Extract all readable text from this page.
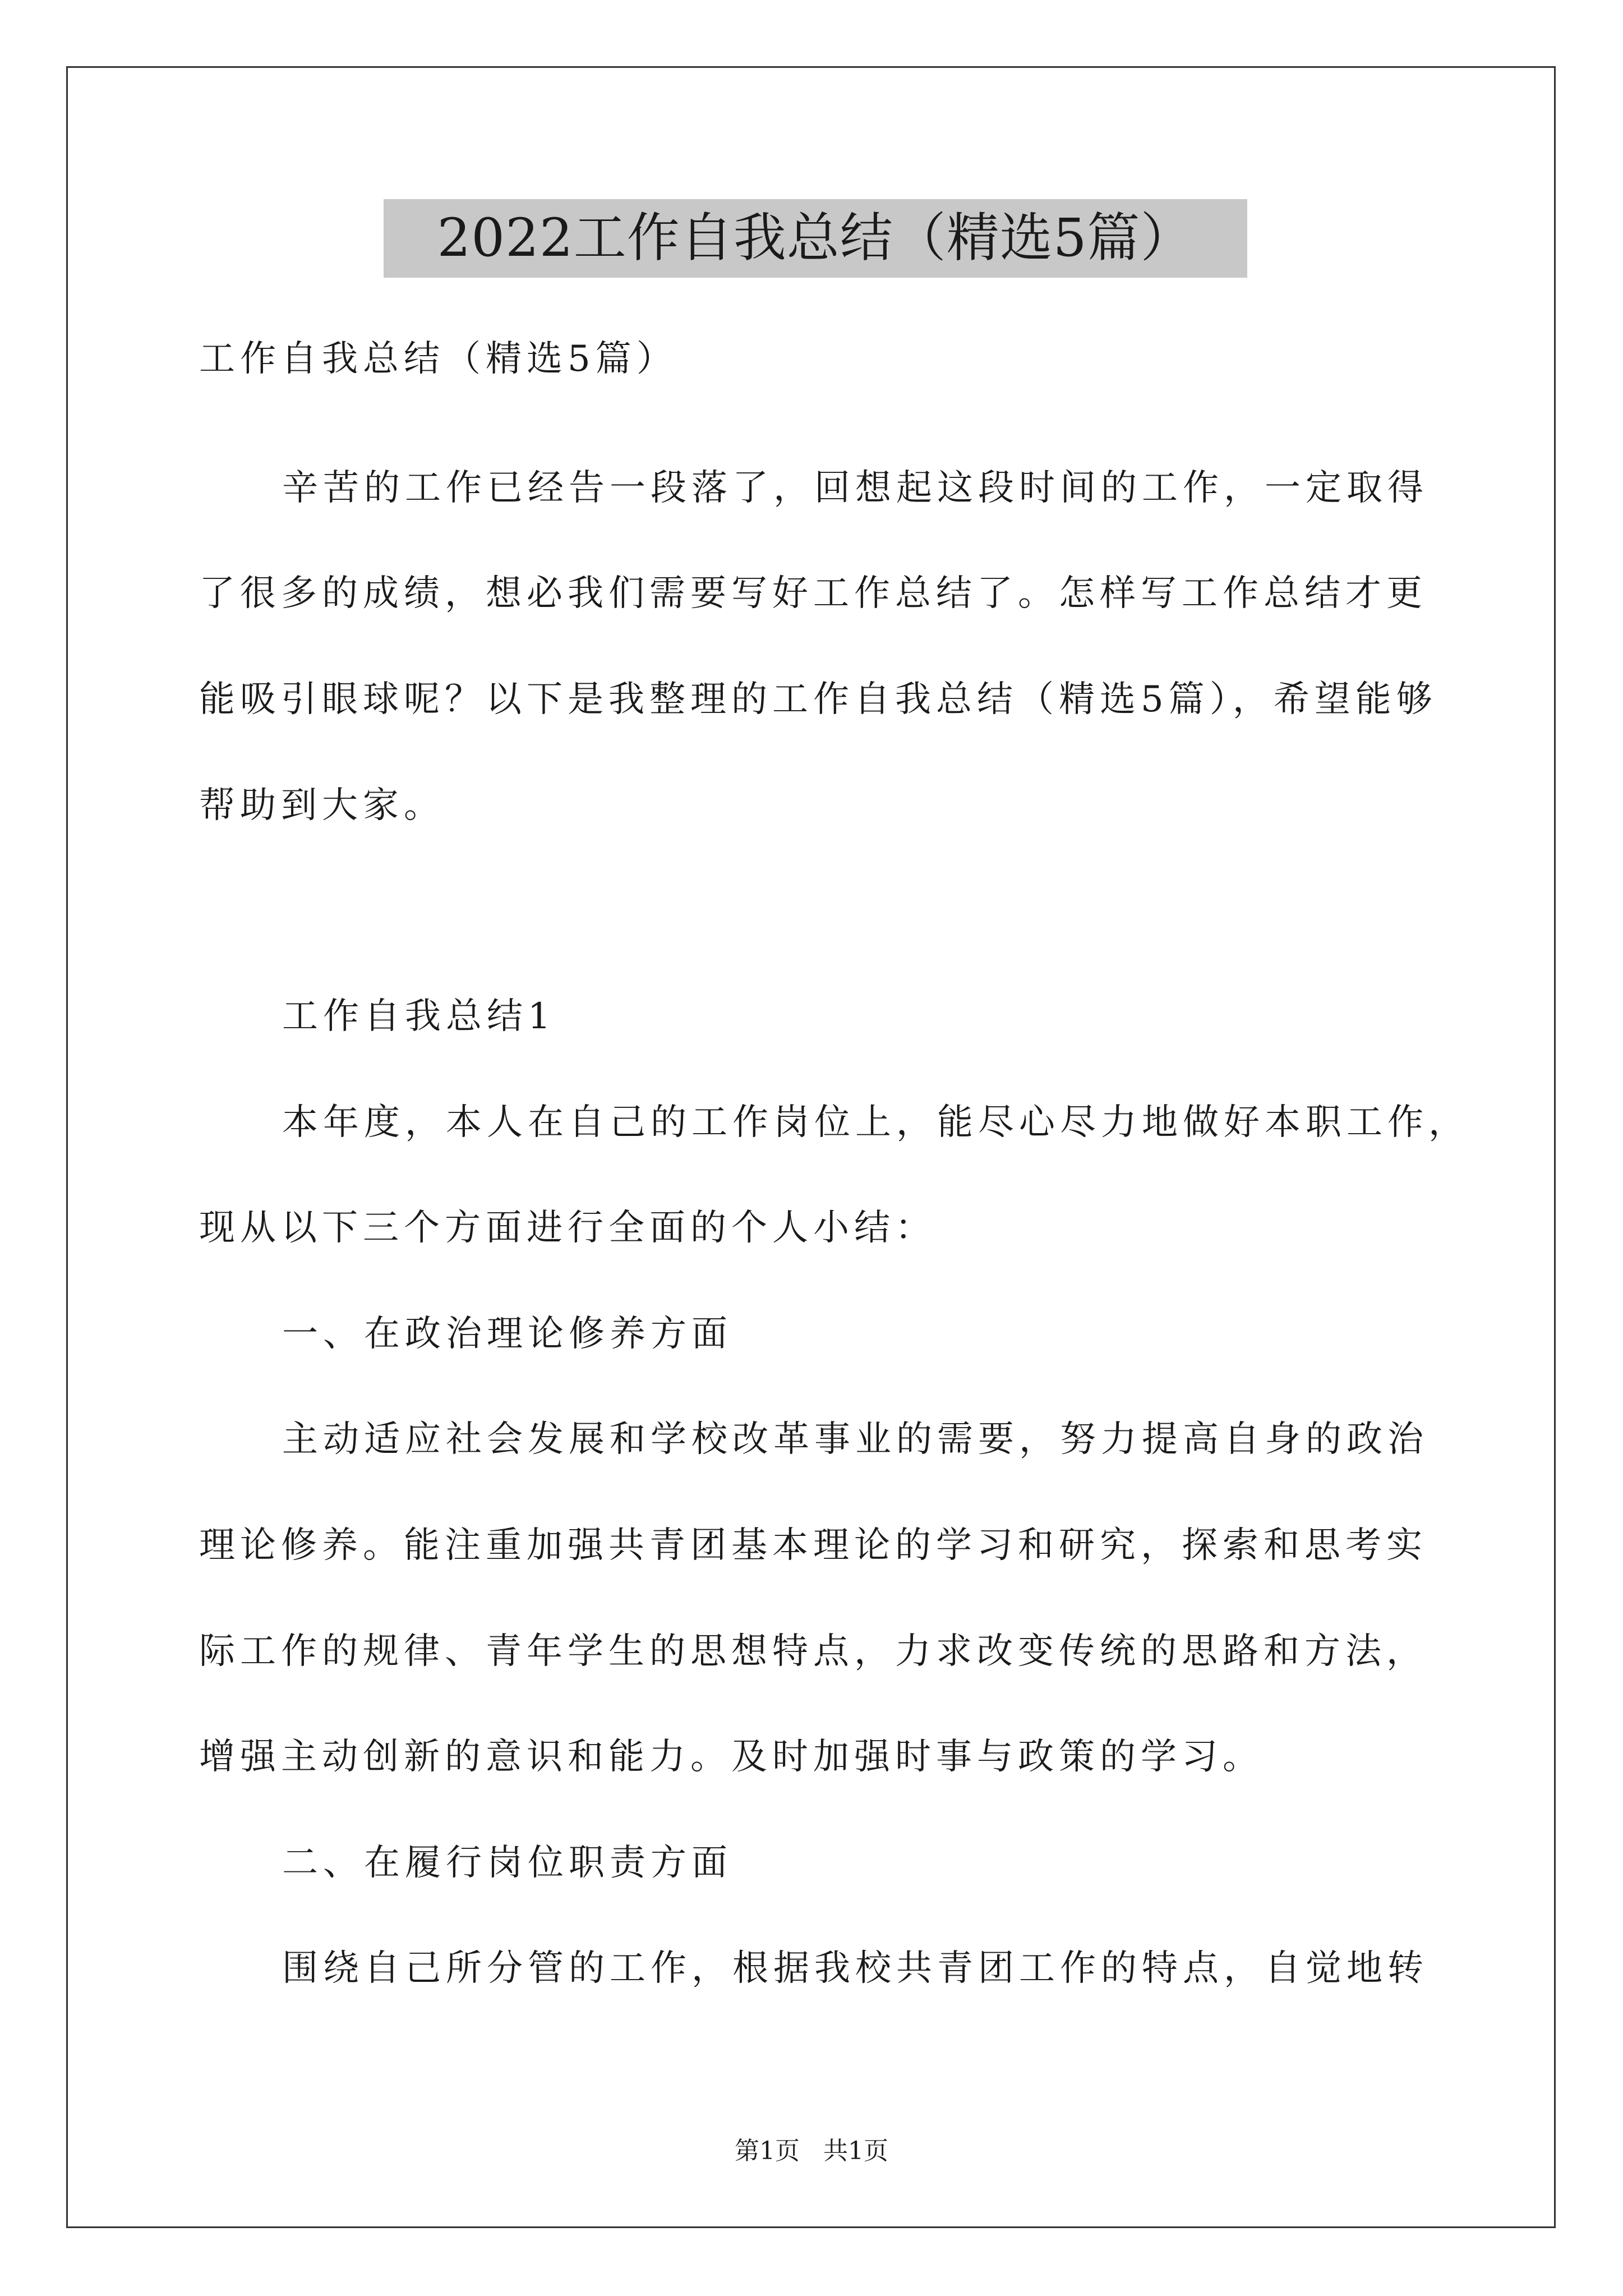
2022工作自我总结（精选5篇）
工作自我总结（精选5篇）
辛苦的工作已经告一段落了，回想起这段时间的工作，一定取得
了很多的成绩，想必我们需要写好工作总结了。怎样写工作总结才更
能吸引眼球呢？以下是我整理的工作自我总结（精选5篇），希望能够
帮助到大家。
工作自我总结1
本年度，本人在自己的工作岗位上，能尽心尽力地做好本职工作，
现从以下三个方面进行全面的个人小结：
一、在政治理论修养方面
主动适应社会发展和学校改革事业的需要，努力提高自身的政治
理论修养。能注重加强共青团基本理论的学习和研究，探索和思考实
际工作的规律、青年学生的思想特点，力求改变传统的思路和方法，
增强主动创新的意识和能力。及时加强时事与政策的学习。
二、在履行岗位职责方面
围绕自己所分管的工作，根据我校共青团工作的特点，自觉地转
第1页   共1页
